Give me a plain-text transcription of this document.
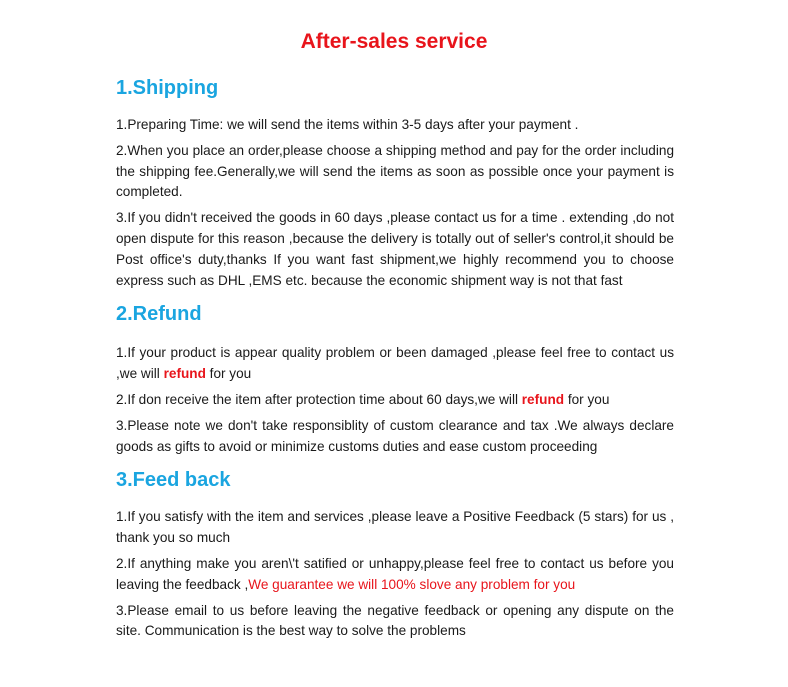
After-sales service
1.Shipping

1.Preparing Time: we will send the items within 3-5 days after your payment .

2.When you place an order,please choose a shipping method and pay for the order including the shipping fee.Generally,we will send the items as soon as possible once your payment is completed.

3.If you didn't received the goods in 60 days ,please contact us for a time . extending ,do not open dispute for this reason ,because the delivery is totally out of seller's control,it should be Post office's duty,thanks If you want fast shipment,we highly recommend you to choose express such as DHL ,EMS etc. because the economic shipment way is not that fast

2.Refund

1.If your product is appear quality problem or been damaged ,please feel free to contact us ,we will refund for you

2.If don receive the item after protection time about 60 days,we will refund for you

3.Please note we don't take responsiblity of custom clearance and tax .We always declare goods as gifts to avoid or minimize customs duties and ease custom proceeding

3.Feed back

1.If you satisfy with the item and services ,please leave a Positive Feedback (5 stars) for us , thank you so much

2.If anything make you aren\'t satified or unhappy,please feel free to contact us before you leaving the feedback ,We guarantee we will 100% slove any problem for you

3.Please email to us before leaving the negative feedback or opening any dispute on the site. Communication is the best way to solve the problems
